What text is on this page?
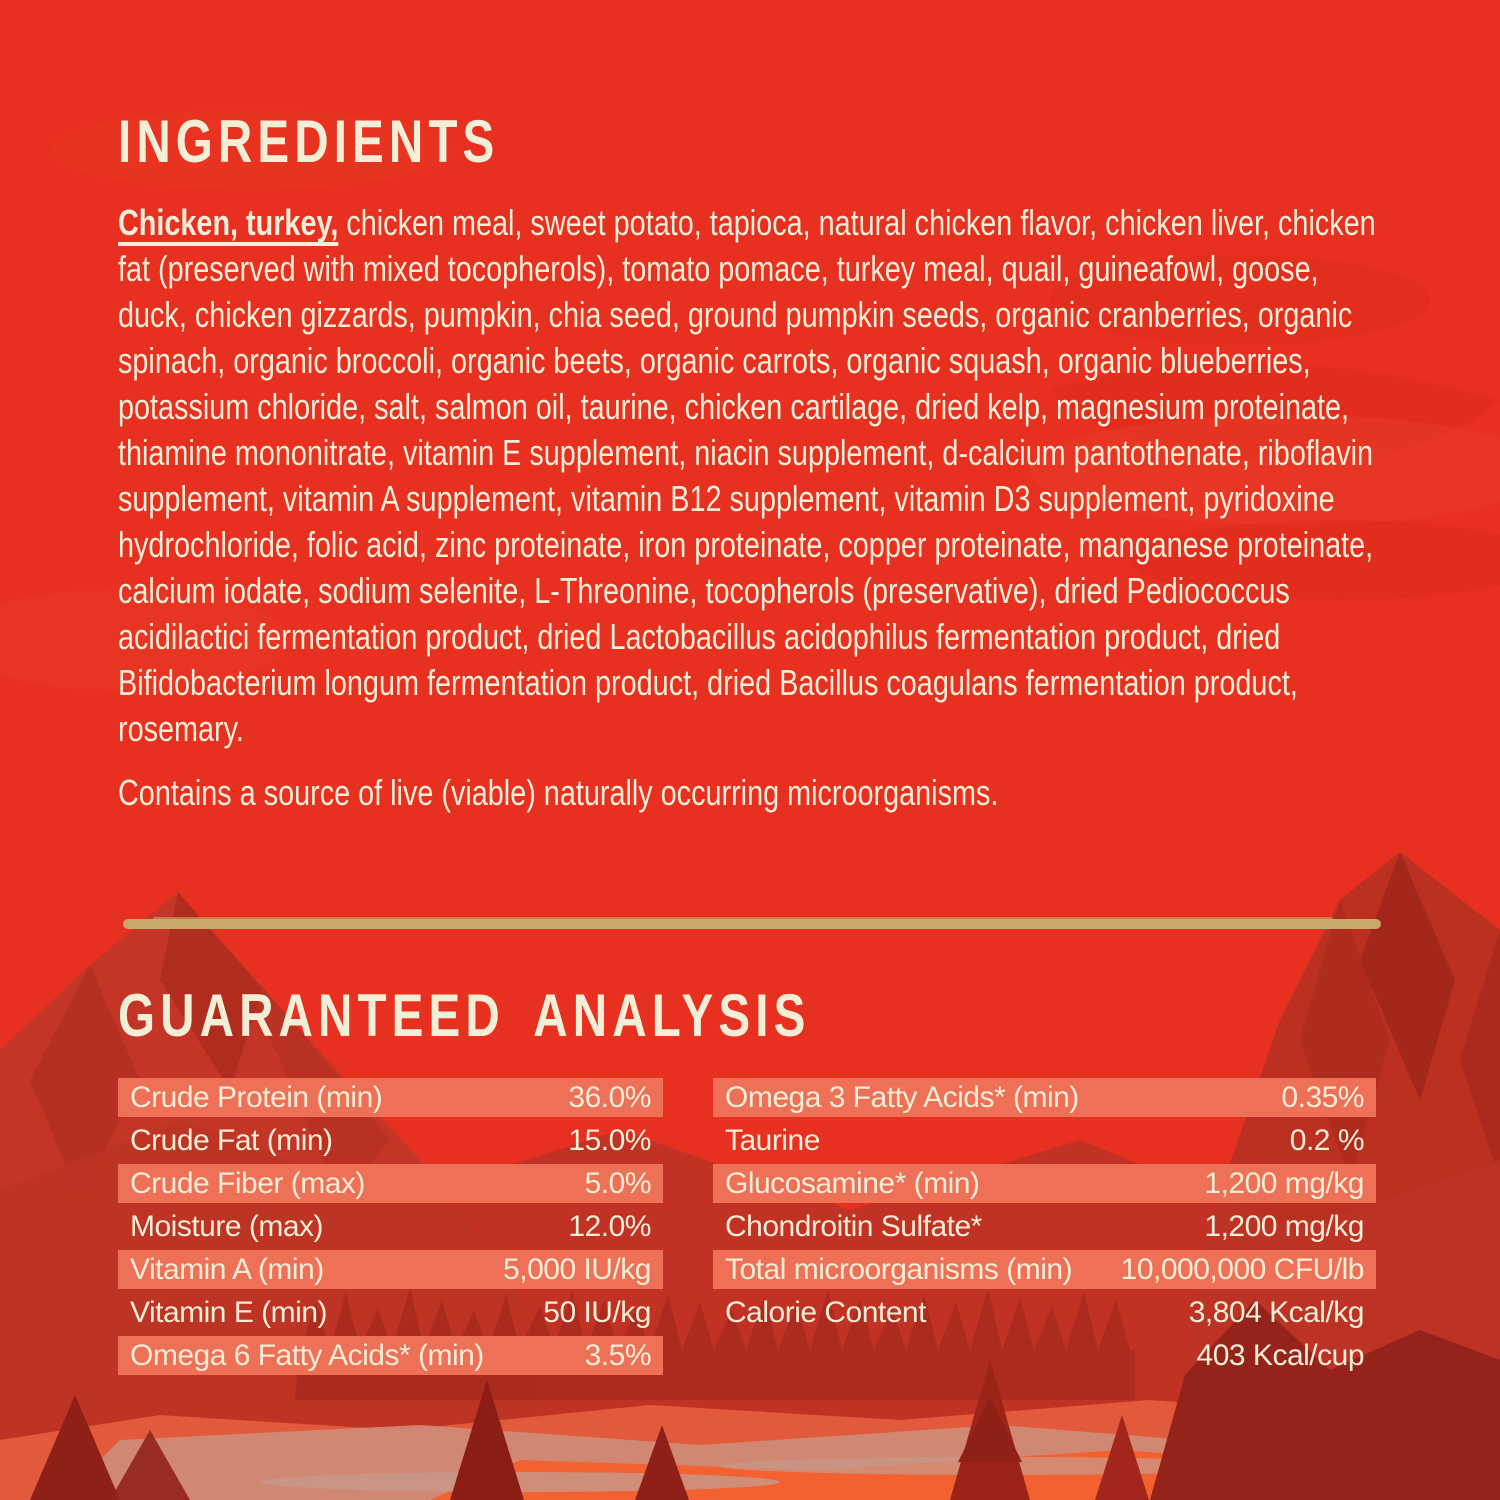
INGREDIENTS

Chicken, turkey, chicken meal, sweet potato, tapioca, natural chicken flavor, chicken liver, chicken fat (preserved with mixed tocopherols), tomato pomace, turkey meal, quail, guineafowl, goose, duck, chicken gizzards, pumpkin, chia seed, ground pumpkin seeds, organic cranberries, organic spinach, organic broccoli, organic beets, organic carrots, organic squash, organic blueberries, potassium chloride, salt, salmon oil, taurine, chicken cartilage, dried kelp, magnesium proteinate, thiamine mononitrate, vitamin E supplement, niacin supplement, d-calcium pantothenate, riboflavin supplement, vitamin A supplement, vitamin B12 supplement, vitamin D3 supplement, pyridoxine hydrochloride, folic acid, zinc proteinate, iron proteinate, copper proteinate, manganese proteinate, calcium iodate, sodium selenite, L-Threonine, tocopherols (preservative), dried Pediococcus acidilactici fermentation product, dried Lactobacillus acidophilus fermentation product, dried Bifidobacterium longum fermentation product, dried Bacillus coagulans fermentation product, rosemary.

Contains a source of live (viable) naturally occurring microorganisms.

GUARANTEED ANALYSIS
Crude Protein (min)	36.0%
Crude Fat (min)	15.0%
Crude Fiber (max)	5.0%
Moisture (max)	12.0%
Vitamin A (min)	5,000 IU/kg
Vitamin E (min)	50 IU/kg
Omega 6 Fatty Acids* (min)	3.5%
Omega 3 Fatty Acids* (min)	0.35%
Taurine	0.2 %
Glucosamine* (min)	1,200 mg/kg
Chondroitin Sulfate*	1,200 mg/kg
Total microorganisms (min) 10,000,000 CFU/lb
Calorie Content	3,804 Kcal/kg
403 Kcal/cup
